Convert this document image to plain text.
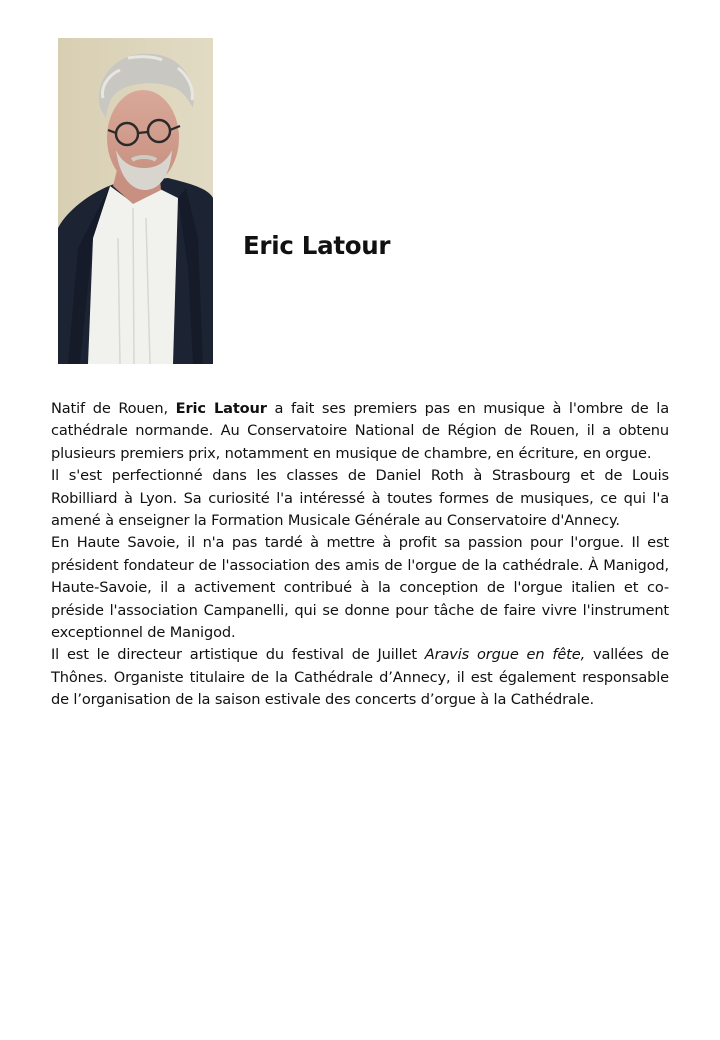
Eric Latour

Natif de Rouen, Eric Latour a fait ses premiers pas en musique à l'ombre de la cathédrale normande. Au Conservatoire National de Région de Rouen, il a obtenu plusieurs premiers prix, notamment en musique de chambre, en écriture, en orgue.

Il s'est perfectionné dans les classes de Daniel Roth à Strasbourg et de Louis Robilliard à Lyon. Sa curiosité l'a intéressé à toutes formes de musiques, ce qui l'a amené à enseigner la Formation Musicale Générale au Conservatoire d'Annecy.

En Haute Savoie, il n'a pas tardé à mettre à profit sa passion pour l'orgue. Il est président fondateur de l'association des amis de l'orgue de la cathédrale. À Manigod, Haute-Savoie, il a activement contribué à la conception de l'orgue italien et co-préside l'association Campanelli, qui se donne pour tâche de faire vivre l'instrument exceptionnel de Manigod.

Il est le directeur artistique du festival de Juillet Aravis orgue en fête, vallées de Thônes. Organiste titulaire de la Cathédrale d’Annecy, il est également responsable de l’organisation de la saison estivale des concerts d’orgue à la Cathédrale.
